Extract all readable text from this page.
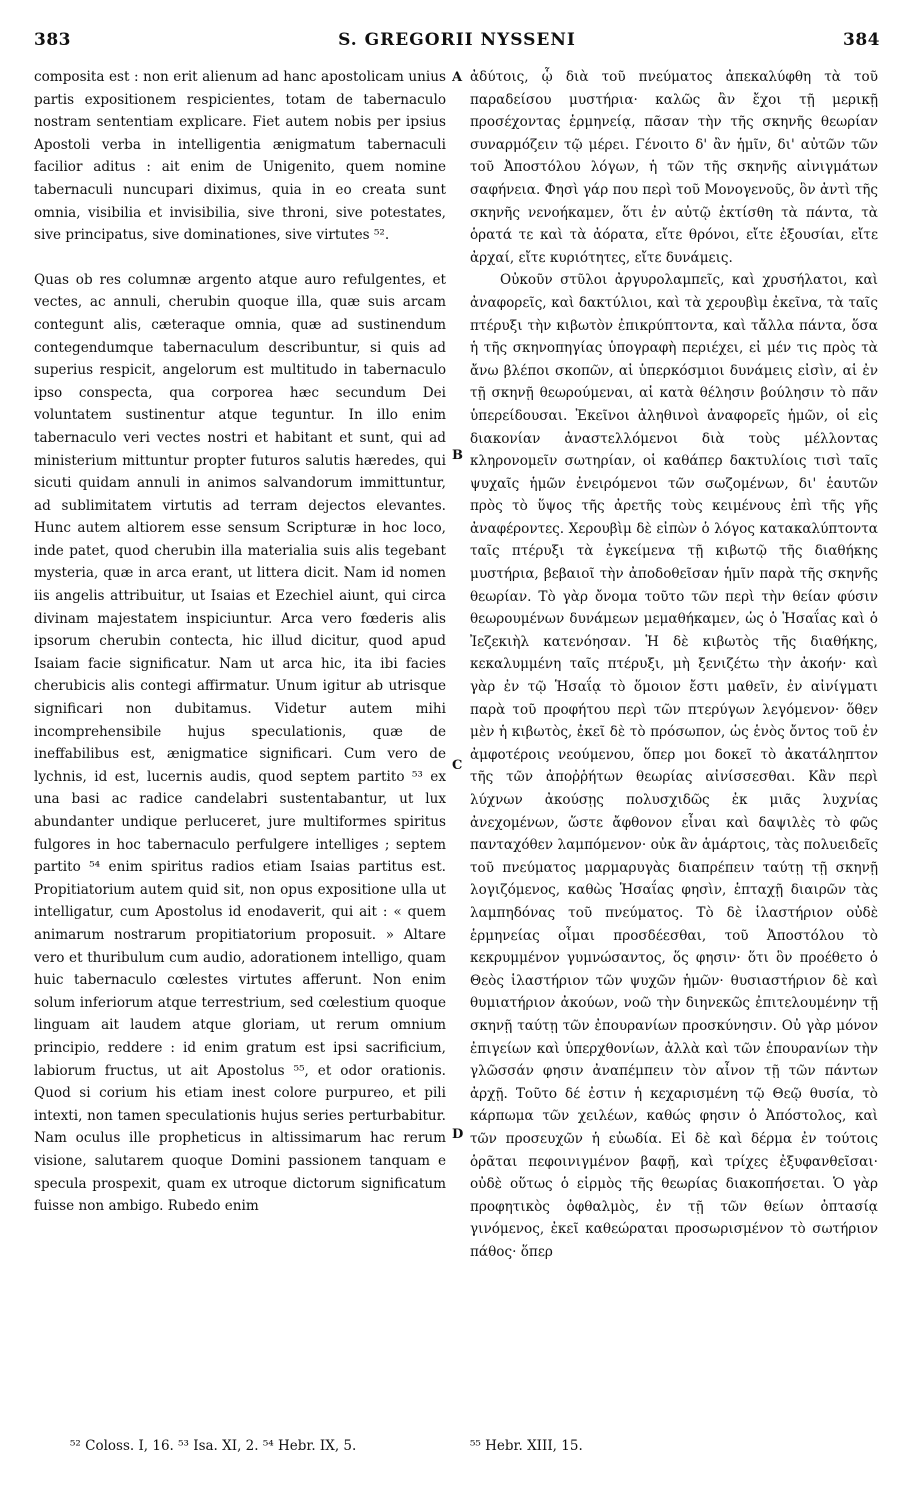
S. GREGORII NYSSENI
383	384

composita est : non erit alienum ad hanc apostolicam unius partis expositionem respicientes, totam de tabernaculo nostram sententiam explicare. Fiet autem nobis per ipsius Apostoli verba in intelligentia ænigmatum tabernaculi facilior aditus : ait enim de Unigenito, quem nomine tabernaculi nuncupari diximus, quia in eo creata sunt omnia, visibilia et invisibilia, sive throni, sive potestates, sive principatus, sive dominationes, sive virtutes ⁵².

Quas ob res columnæ argento atque auro refulgentes, et vectes, ac annuli, cherubin quoque illa, quæ suis arcam contegunt alis, cæteraque omnia, quæ ad sustinendum contegendumque tabernaculum describuntur, si quis ad superius respicit, angelorum est multitudo in tabernaculo ipso conspecta, qua corporea hæc secundum Dei voluntatem sustinentur atque teguntur. In illo enim tabernaculo veri vectes nostri et habitant et sunt, qui ad ministerium mittuntur propter futuros salutis hæredes, qui sicuti quidam annuli in animos salvandorum immittuntur, ad sublimitatem virtutis ad terram dejectos elevantes. Hunc autem altiorem esse sensum Scripturæ in hoc loco, inde patet, quod cherubin illa materialia suis alis tegebant mysteria, quæ in arca erant, ut littera dicit. Nam id nomen iis angelis attribuitur, ut Isaias et Ezechiel aiunt, qui circa divinam majestatem inspiciuntur. Arca vero fœderis alis ipsorum cherubin contecta, hic illud dicitur, quod apud Isaiam facie significatur. Nam ut arca hic, ita ibi facies cherubicis alis contegi affirmatur. Unum igitur ab utrisque significari non dubitamus. Videtur autem mihi incomprehensibile hujus speculationis, quæ de ineffabilibus est, ænigmatice significari. Cum vero de lychnis, id est, lucernis audis, quod septem partito ⁵³ ex una basi ac radice candelabri sustentabantur, ut lux abundanter undique perluceret, jure multiformes spiritus fulgores in hoc tabernaculo perfulgere intelliges ; septem partito ⁵⁴ enim spiritus radios etiam Isaias partitus est. Propitiatorium autem quid sit, non opus expositione ulla ut intelligatur, cum Apostolus id enodaverit, qui ait : « quem animarum nostrarum propitiatorium proposuit. » Altare vero et thuribulum cum audio, adorationem intelligo, quam huic tabernaculo cœlestes virtutes afferunt. Non enim solum inferiorum atque terrestrium, sed cœlestium quoque linguam ait laudem atque gloriam, ut rerum omnium principio, reddere : id enim gratum est ipsi sacrificium, labiorum fructus, ut ait Apostolus ⁵⁵, et odor orationis. Quod si corium his etiam inest colore purpureo, et pili intexti, non tamen speculationis hujus series perturbabitur. Nam oculus ille propheticus in altissimarum hac rerum visione, salutarem quoque Domini passionem tanquam e specula prospexit, quam ex utroque dictorum significatum fuisse non ambigo. Rubedo enim

ἀδύτοις, ᾧ διὰ τοῦ πνεύματος ἀπεκαλύφθη τὰ τοῦ παραδείσου μυστήρια· καλῶς ἂν ἔχοι τῇ μερικῇ προσέχοντας ἑρμηνείᾳ, πᾶσαν τὴν τῆς σκηνῆς θεωρίαν συναρμόζειν τῷ μέρει. Γένοιτο δ' ἂν ἡμῖν, δι' αὐτῶν τῶν τοῦ Ἀποστόλου λόγων, ἡ τῶν τῆς σκηνῆς αἰνιγμάτων σαφήνεια. Φησὶ γάρ που περὶ τοῦ Μονογενοῦς, ὃν ἀντὶ τῆς σκηνῆς νενοήκαμεν, ὅτι ἐν αὐτῷ ἐκτίσθη τὰ πάντα, τὰ ὁρατά τε καὶ τὰ ἀόρατα, εἴτε θρόνοι, εἴτε ἐξουσίαι, εἴτε ἀρχαί, εἴτε κυριότητες, εἴτε δυνάμεις.

Οὐκοῦν στῦλοι ἀργυρολαμπεῖς, καὶ χρυσήλατοι, καὶ ἀναφορεῖς, καὶ δακτύλιοι, καὶ τὰ χερουβὶμ ἐκεῖνα, τὰ ταῖς πτέρυξι τὴν κιβωτὸν ἐπικρύπτοντα, καὶ τἄλλα πάντα, ὅσα ἡ τῆς σκηνοπηγίας ὑπογραφὴ περιέχει, εἰ μέν τις πρὸς τὰ ἄνω βλέποι σκοπῶν, αἱ ὑπερκόσμιοι δυνάμεις εἰσὶν, αἱ ἐν τῇ σκηνῇ θεωρούμεναι, αἱ κατὰ θέλησιν βούλησιν τὸ πᾶν ὑπερείδουσαι. Ἐκεῖνοι ἀληθινοὶ ἀναφορεῖς ἡμῶν, οἱ εἰς διακονίαν ἀναστελλόμενοι διὰ τοὺς μέλλοντας κληρονομεῖν σωτηρίαν, οἱ καθάπερ δακτυλίοις τισὶ ταῖς ψυχαῖς ἡμῶν ἐνειρόμενοι τῶν σωζομένων, δι' ἑαυτῶν πρὸς τὸ ὕψος τῆς ἀρετῆς τοὺς κειμένους ἐπὶ τῆς γῆς ἀναφέροντες. Χερουβὶμ δὲ εἰπὼν ὁ λόγος κατακαλύπτοντα ταῖς πτέρυξι τὰ ἐγκείμενα τῇ κιβωτῷ τῆς διαθήκης μυστήρια, βεβαιοῖ τὴν ἀποδοθεῖσαν ἡμῖν παρὰ τῆς σκηνῆς θεωρίαν. Τὸ γὰρ ὄνομα τοῦτο τῶν περὶ τὴν θείαν φύσιν θεωρουμένων δυνάμεων μεμαθήκαμεν, ὡς ὁ Ἡσαΐας καὶ ὁ Ἰεζεκιὴλ κατενόησαν. Ἡ δὲ κιβωτὸς τῆς διαθήκης, κεκαλυμμένη ταῖς πτέρυξι, μὴ ξενιζέτω τὴν ἀκοήν· καὶ γὰρ ἐν τῷ Ἡσαΐᾳ τὸ ὅμοιον ἔστι μαθεῖν, ἐν αἰνίγματι παρὰ τοῦ προφήτου περὶ τῶν πτερύγων λεγόμενον· ὅθεν μὲν ἡ κιβωτὸς, ἐκεῖ δὲ τὸ πρόσωπον, ὡς ἑνὸς ὄντος τοῦ ἐν ἀμφοτέροις νεούμενου, ὅπερ μοι δοκεῖ τὸ ἀκατάληπτον τῆς τῶν ἀποῤῥήτων θεωρίας αἰνίσσεσθαι. Κἂν περὶ λύχνων ἀκούσῃς πολυσχιδῶς ἐκ μιᾶς λυχνίας ἀνεχομένων, ὥστε ἄφθονον εἶναι καὶ δαψιλὲς τὸ φῶς πανταχόθεν λαμπόμενον· οὐκ ἂν ἁμάρτοις, τὰς πολυειδεῖς τοῦ πνεύματος μαρμαρυγὰς διαπρέπειν ταύτῃ τῇ σκηνῇ λογιζόμενος, καθὼς Ἡσαΐας φησὶν, ἑπταχῇ διαιρῶν τὰς λαμπηδόνας τοῦ πνεύματος. Τὸ δὲ ἱλαστήριον οὐδὲ ἑρμηνείας οἶμαι προσδέεσθαι, τοῦ Ἀποστόλου τὸ κεκρυμμένον γυμνώσαντος, ὅς φησιν· ὅτι ὃν προέθετο ὁ Θεὸς ἱλαστήριον τῶν ψυχῶν ἡμῶν· θυσιαστήριον δὲ καὶ θυμιατήριον ἀκούων, νοῶ τὴν διηνεκῶς ἐπιτελουμένην τῇ σκηνῇ ταύτῃ τῶν ἐπουρανίων προσκύνησιν. Οὐ γὰρ μόνον ἐπιγείων καὶ ὑπερχθονίων, ἀλλὰ καὶ τῶν ἐπουρανίων τὴν γλῶσσάν φησιν ἀναπέμπειν τὸν αἶνον τῇ τῶν πάντων ἀρχῇ. Τοῦτο δέ ἐστιν ἡ κεχαρισμένη τῷ Θεῷ θυσία, τὸ κάρπωμα τῶν χειλέων, καθώς φησιν ὁ Ἀπόστολος, καὶ τῶν προσευχῶν ἡ εὐωδία. Εἰ δὲ καὶ δέρμα ἐν τούτοις ὁρᾶται πεφοινιγμένον βαφῇ, καὶ τρίχες ἐξυφανθεῖσαι· οὐδὲ οὕτως ὁ εἱρμὸς τῆς θεωρίας διακοπήσεται. Ὁ γὰρ προφητικὸς ὀφθαλμὸς, ἐν τῇ τῶν θείων ὀπτασίᾳ γινόμενος, ἐκεῖ καθεώραται προσωρισμένον τὸ σωτήριον πάθος· ὅπερ

A
B
C
D
⁵² Coloss. I, 16. ⁵³ Isa. XI, 2. ⁵⁴ Hebr. IX, 5.	⁵⁵ Hebr. XIII, 15.
